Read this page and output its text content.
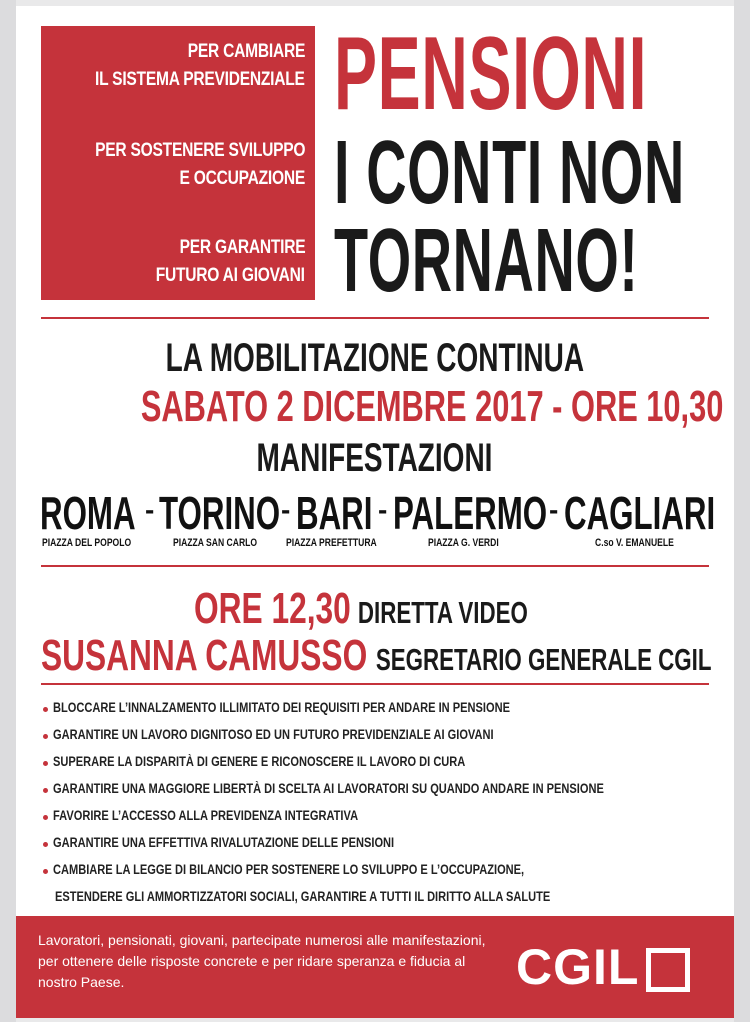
PER CAMBIARE
IL SISTEMA PREVIDENZIALE
PER SOSTENERE SVILUPPO
E OCCUPAZIONE
PER GARANTIRE
FUTURO AI GIOVANI
PENSIONI
I CONTI NON
TORNANO!
LA MOBILITAZIONE CONTINUA
SABATO 2 DICEMBRE 2017 - ORE 10,30
MANIFESTAZIONI
ROMA - TORINO - BARI - PALERMO - CAGLIARI
PIAZZA DEL POPOLO	PIAZZA SAN CARLO	PIAZZA PREFETTURA	PIAZZA G. VERDI	C.so V. EMANUELE
ORE 12,30 DIRETTA VIDEO
SUSANNA CAMUSSO SEGRETARIO GENERALE CGIL
BLOCCARE L’INNALZAMENTO ILLIMITATO DEI REQUISITI PER ANDARE IN PENSIONE
GARANTIRE UN LAVORO DIGNITOSO ED UN FUTURO PREVIDENZIALE AI GIOVANI
SUPERARE LA DISPARITÀ DI GENERE E RICONOSCERE IL LAVORO DI CURA
GARANTIRE UNA MAGGIORE LIBERTÀ DI SCELTA AI LAVORATORI SU QUANDO ANDARE IN PENSIONE
FAVORIRE L’ACCESSO ALLA PREVIDENZA INTEGRATIVA
GARANTIRE UNA EFFETTIVA RIVALUTAZIONE DELLE PENSIONI
CAMBIARE LA LEGGE DI BILANCIO PER SOSTENERE LO SVILUPPO E L’OCCUPAZIONE,
ESTENDERE GLI AMMORTIZZATORI SOCIALI, GARANTIRE A TUTTI IL DIRITTO ALLA SALUTE
Lavoratori, pensionati, giovani, partecipate numerosi alle manifestazioni, per ottenere delle risposte concrete e per ridare speranza e fiducia al nostro Paese.	CGIL
